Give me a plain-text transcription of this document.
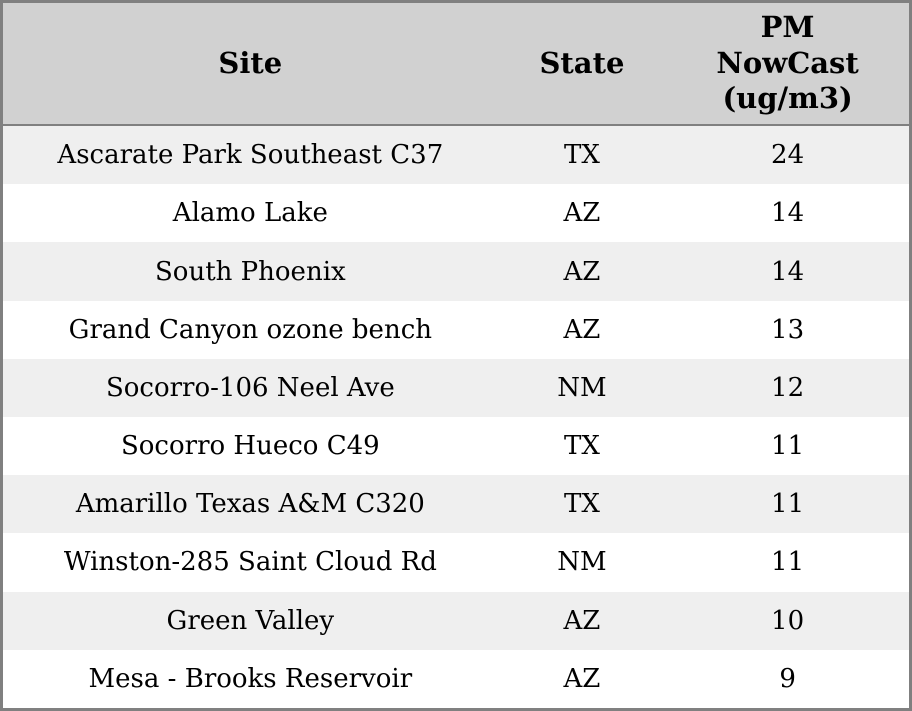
Site	State	PM NowCast (ug/m3)
Ascarate Park Southeast C37	TX	24
Alamo Lake	AZ	14
South Phoenix	AZ	14
Grand Canyon ozone bench	AZ	13
Socorro-106 Neel Ave	NM	12
Socorro Hueco C49	TX	11
Amarillo Texas A&M C320	TX	11
Winston-285 Saint Cloud Rd	NM	11
Green Valley	AZ	10
Mesa - Brooks Reservoir	AZ	9
